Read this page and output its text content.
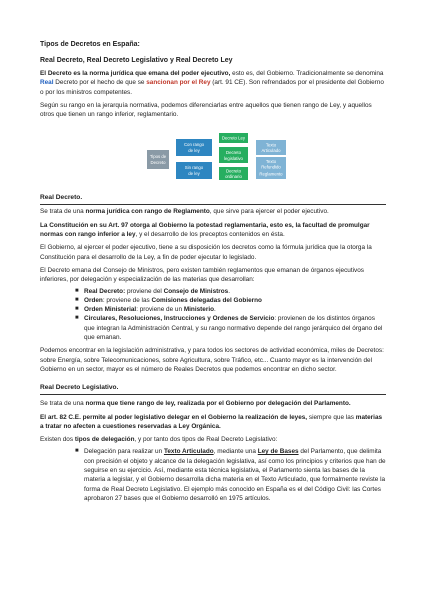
Tipos de Decretos en España:

Real Decreto, Real Decreto Legislativo y Real Decreto Ley

El Decreto es la norma jurídica que emana del poder ejecutivo, esto es, del Gobierno. Tradicionalmente se denomina Real Decreto por el hecho de que se sancionan por el Rey (art. 91 CE). Son refrendados por el presidente del Gobierno o por los ministros competentes.

Según su rango en la jerarquía normativa, podemos diferenciarlas entre aquellos que tienen rango de Ley, y aquellos otros que tienen un rango inferior, reglamentario.

Tipos de
Decreto
Con rango
de ley
Sin rango
de ley
Decreto Ley
Decreto
legislativo
Decreto
ordinario
Texto
Articulado
Texto
Refundido
Reglamento

Real Decreto.

Se trata de una norma jurídica con rango de Reglamento, que sirve para ejercer el poder ejecutivo.

La Constitución en su Art. 97 otorga al Gobierno la potestad reglamentaria, esto es, la facultad de promulgar normas con rango inferior a ley, y el desarrollo de los preceptos contenidos en ésta.

El Gobierno, al ejercer el poder ejecutivo, tiene a su disposición los decretos como la fórmula jurídica que la otorga la Constitución para el desarrollo de la Ley, a fin de poder ejecutar lo legislado.

El Decreto emana del Consejo de Ministros, pero existen también reglamentos que emanan de órganos ejecutivos inferiores, por delegación y especialización de las materias que desarrollan:

■ Real Decreto: proviene del Consejo de Ministros.
■ Orden: proviene de las Comisiones delegadas del Gobierno
■ Orden Ministerial: proviene de un Ministerio.
■ Circulares, Resoluciones, Instrucciones y Ordenes de Servicio: provienen de los distintos órganos que integran la Administración Central, y su rango normativo depende del rango jerárquico del órgano del que emanan.

Podemos encontrar en la legislación administrativa, y para todos los sectores de actividad económica, miles de Decretos: sobre Energía, sobre Telecomunicaciones, sobre Agricultura, sobre Tráfico, etc... Cuanto mayor es la intervención del Gobierno en un sector, mayor es el número de Reales Decretos que podemos encontrar en dicho sector.

Real Decreto Legislativo.

Se trata de una norma que tiene rango de ley, realizada por el Gobierno por delegación del Parlamento.

El art. 82 C.E. permite al poder legislativo delegar en el Gobierno la realización de leyes, siempre que las materias a tratar no afecten a cuestiones reservadas a Ley Orgánica.

Existen dos tipos de delegación, y por tanto dos tipos de Real Decreto Legislativo:

■ Delegación para realizar un Texto Articulado, mediante una Ley de Bases del Parlamento, que delimita con precisión el objeto y alcance de la delegación legislativa, así como los principios y criterios que han de seguirse en su ejercicio. Así, mediante esta técnica legislativa, el Parlamento sienta las bases de la materia a legislar, y el Gobierno desarrolla dicha materia en el Texto Articulado, que formalmente reviste la forma de Real Decreto Legislativo. El ejemplo más conocido en España es el del Código Civil: las Cortes aprobaron 27 bases que el Gobierno desarrolló en 1975 artículos.
